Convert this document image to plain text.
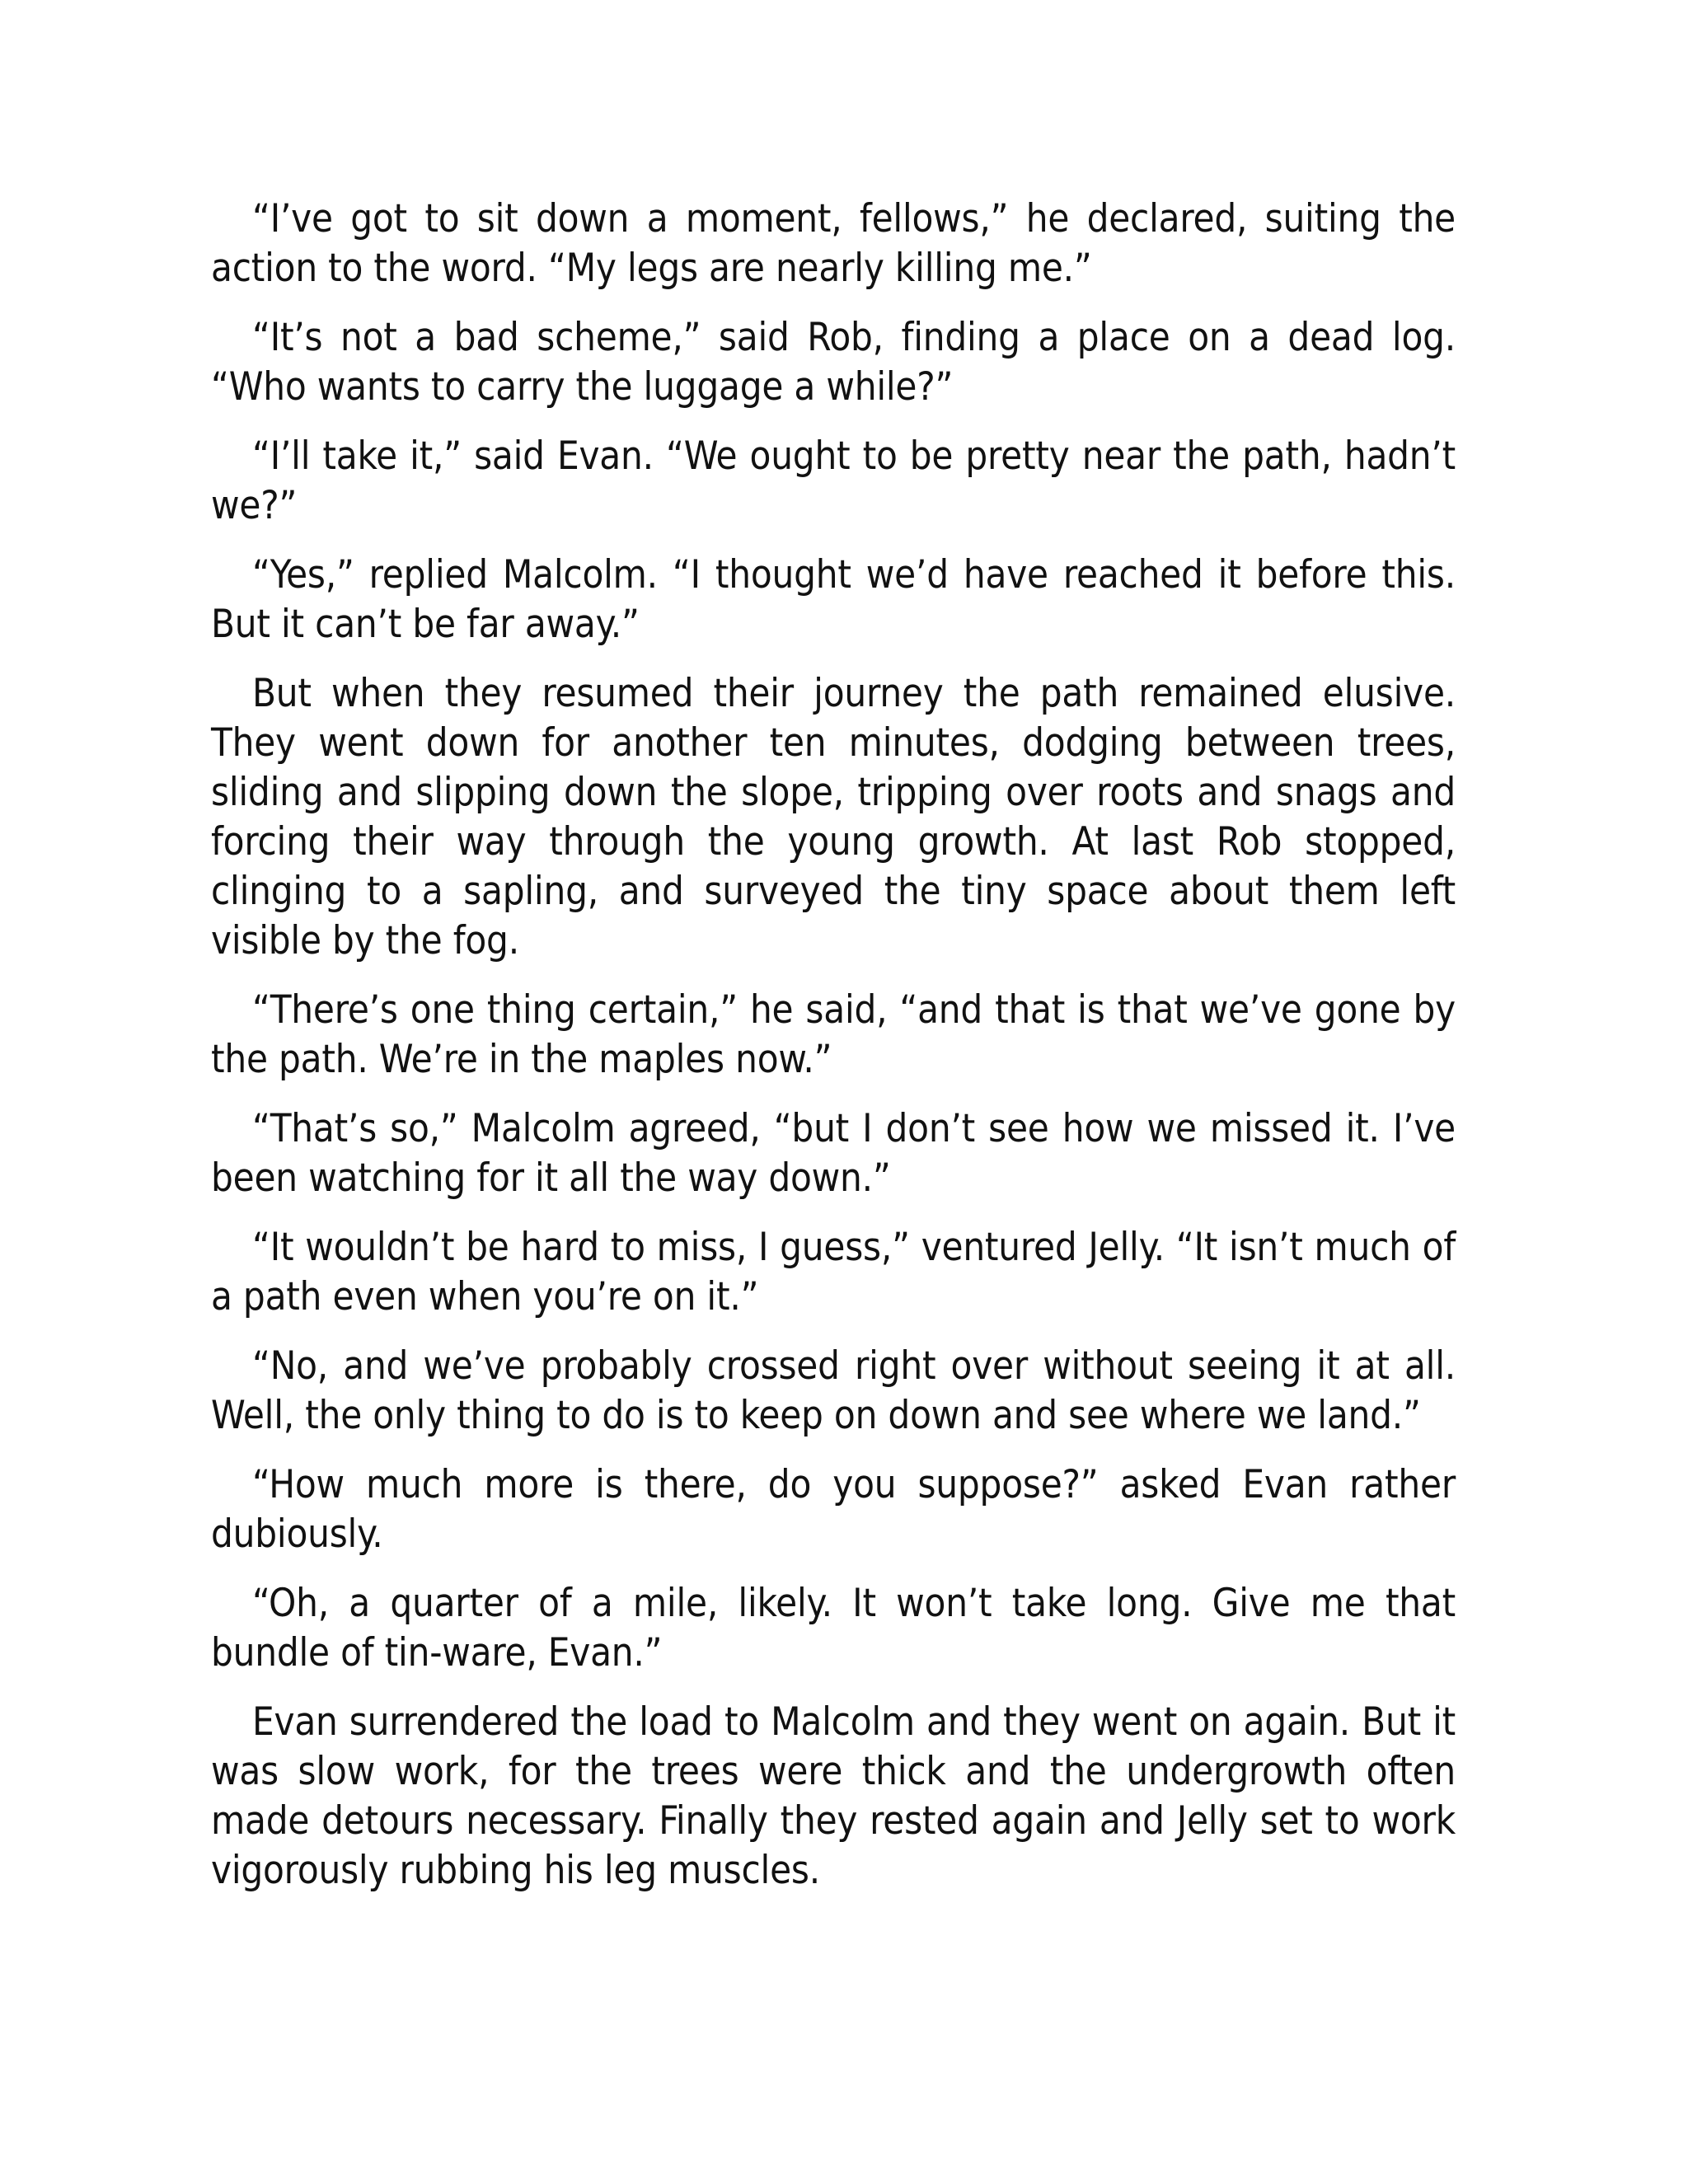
“I’ve got to sit down a moment, fellows,” he declared, suiting the action to the word. “My legs are nearly killing me.”

“It’s not a bad scheme,” said Rob, finding a place on a dead log. “Who wants to carry the luggage a while?”

“I’ll take it,” said Evan. “We ought to be pretty near the path, hadn’t we?”

“Yes,” replied Malcolm. “I thought we’d have reached it before this. But it can’t be far away.”

But when they resumed their journey the path remained elusive. They went down for another ten minutes, dodging between trees, sliding and slipping down the slope, tripping over roots and snags and forcing their way through the young growth. At last Rob stopped, clinging to a sapling, and surveyed the tiny space about them left visible by the fog.

“There’s one thing certain,” he said, “and that is that we’ve gone by the path. We’re in the maples now.”

“That’s so,” Malcolm agreed, “but I don’t see how we missed it. I’ve been watching for it all the way down.”

“It wouldn’t be hard to miss, I guess,” ventured Jelly. “It isn’t much of a path even when you’re on it.”

“No, and we’ve probably crossed right over without seeing it at all. Well, the only thing to do is to keep on down and see where we land.”

“How much more is there, do you suppose?” asked Evan rather dubiously.

“Oh, a quarter of a mile, likely. It won’t take long. Give me that bundle of tin-ware, Evan.”

Evan surrendered the load to Malcolm and they went on again. But it was slow work, for the trees were thick and the undergrowth often made detours necessary. Finally they rested again and Jelly set to work vigorously rubbing his leg muscles.
